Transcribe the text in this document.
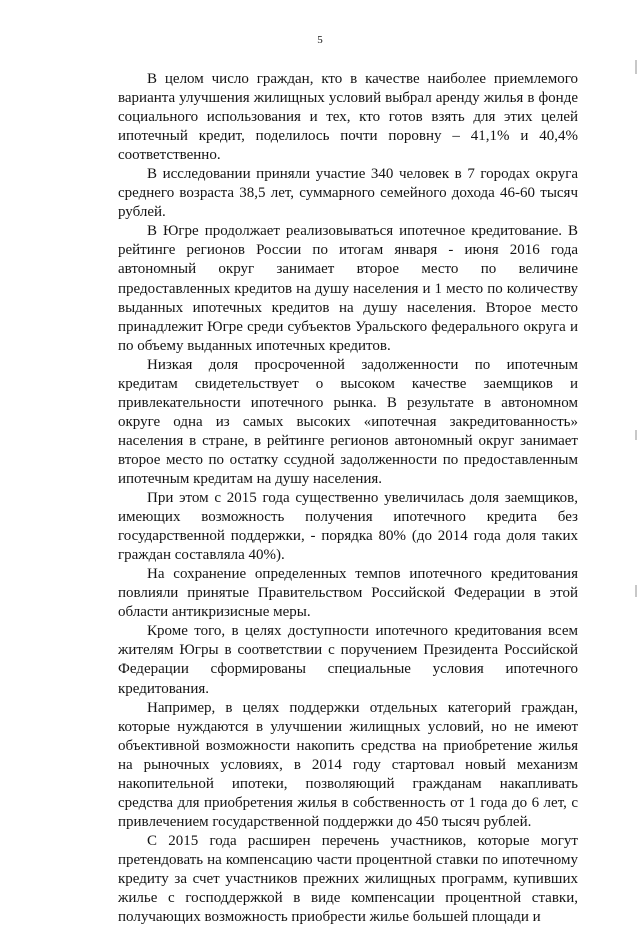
5

В целом число граждан, кто в качестве наиболее приемлемого варианта улучшения жилищных условий выбрал аренду жилья в фонде социального использования и тех, кто готов взять для этих целей ипотечный кредит, поделилось почти поровну – 41,1% и 40,4% соответственно.

В исследовании приняли участие 340 человек в 7 городах округа среднего возраста 38,5 лет, суммарного семейного дохода 46-60 тысяч рублей.

В Югре продолжает реализовываться ипотечное кредитование. В рейтинге регионов России по итогам января - июня 2016 года автономный округ занимает второе место по величине предоставленных кредитов на душу населения и 1 место по количеству выданных ипотечных кредитов на душу населения. Второе место принадлежит Югре среди субъектов Уральского федерального округа и по объему выданных ипотечных кредитов.

Низкая доля просроченной задолженности по ипотечным кредитам свидетельствует о высоком качестве заемщиков и привлекательности ипотечного рынка. В результате в автономном округе одна из самых высоких «ипотечная закредитованность» населения в стране, в рейтинге регионов автономный округ занимает второе место по остатку ссудной задолженности по предоставленным ипотечным кредитам на душу населения.

При этом с 2015 года существенно увеличилась доля заемщиков, имеющих возможность получения ипотечного кредита без государственной поддержки, - порядка 80% (до 2014 года доля таких граждан составляла 40%).

На сохранение определенных темпов ипотечного кредитования повлияли принятые Правительством Российской Федерации в этой области антикризисные меры.

Кроме того, в целях доступности ипотечного кредитования всем жителям Югры в соответствии с поручением Президента Российской Федерации сформированы специальные условия ипотечного кредитования.

Например, в целях поддержки отдельных категорий граждан, которые нуждаются в улучшении жилищных условий, но не имеют объективной возможности накопить средства на приобретение жилья на рыночных условиях, в 2014 году стартовал новый механизм накопительной ипотеки, позволяющий гражданам накапливать средства для приобретения жилья в собственность от 1 года до 6 лет, с привлечением государственной поддержки до 450 тысяч рублей.

С 2015 года расширен перечень участников, которые могут претендовать на компенсацию части процентной ставки по ипотечному кредиту за счет участников прежних жилищных программ, купивших жилье с господдержкой в виде компенсации процентной ставки, получающих возможность приобрести жилье большей площади и
